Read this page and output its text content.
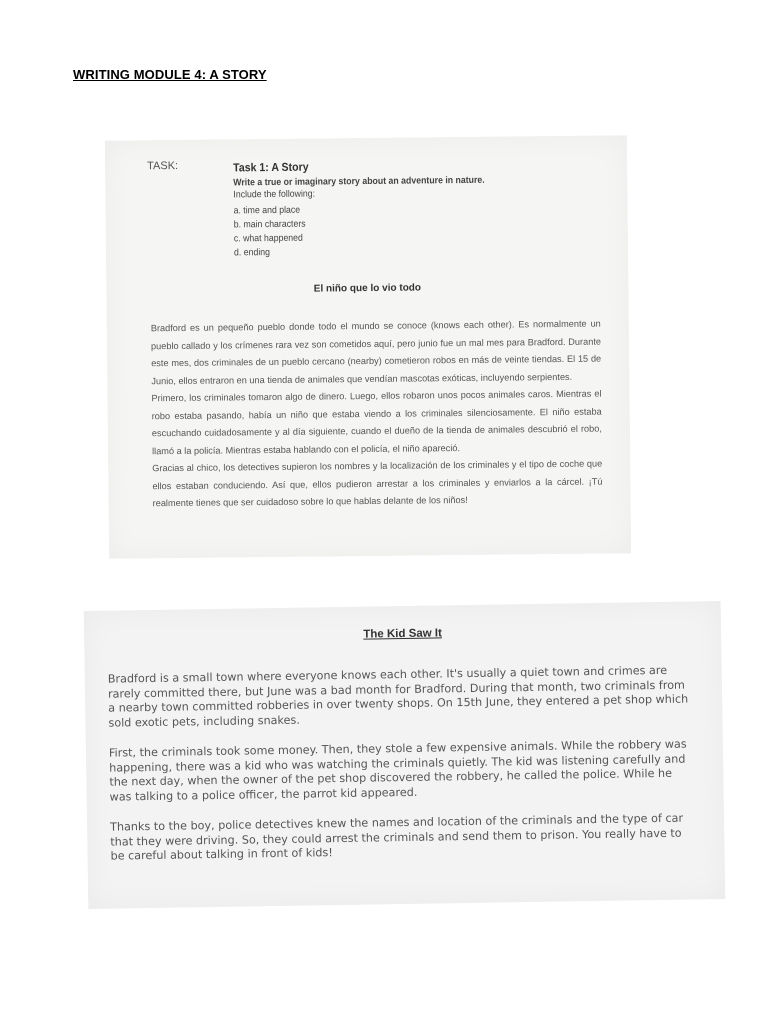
WRITING MODULE 4: A STORY
TASK:	Task 1: A Story
Write a true or imaginary story about an adventure in nature.
Include the following:
a. time and place
b. main characters
c. what happened
d. ending
El niño que lo vio todo

Bradford es un pequeño pueblo donde todo el mundo se conoce (knows each other). Es normalmente un pueblo callado y los crímenes rara vez son cometidos aquí, pero junio fue un mal mes para Bradford. Durante este mes, dos criminales de un pueblo cercano (nearby) cometieron robos en más de veinte tiendas. El 15 de Junio, ellos entraron en una tienda de animales que vendían mascotas exóticas, incluyendo serpientes.

Primero, los criminales tomaron algo de dinero. Luego, ellos robaron unos pocos animales caros. Mientras el robo estaba pasando, había un niño que estaba viendo a los criminales silenciosamente. El niño estaba escuchando cuidadosamente y al día siguiente, cuando el dueño de la tienda de animales descubrió el robo, llamó a la policía. Mientras estaba hablando con el policía, el niño apareció.

Gracias al chico, los detectives supieron los nombres y la localización de los criminales y el tipo de coche que ellos estaban conduciendo. Así que, ellos pudieron arrestar a los criminales y enviarlos a la cárcel. ¡Tú realmente tienes que ser cuidadoso sobre lo que hablas delante de los niños!

The Kid Saw It

Bradford is a small town where everyone knows each other. It's usually a quiet town and crimes are rarely committed there, but June was a bad month for Bradford. During that month, two criminals from a nearby town committed robberies in over twenty shops. On 15th June, they entered a pet shop which sold exotic pets, including snakes.

First, the criminals took some money. Then, they stole a few expensive animals. While the robbery was happening, there was a kid who was watching the criminals quietly. The kid was listening carefully and the next day, when the owner of the pet shop discovered the robbery, he called the police. While he was talking to a police officer, the parrot kid appeared.

Thanks to the boy, police detectives knew the names and location of the criminals and the type of car that they were driving. So, they could arrest the criminals and send them to prison. You really have to be careful about talking in front of kids!
